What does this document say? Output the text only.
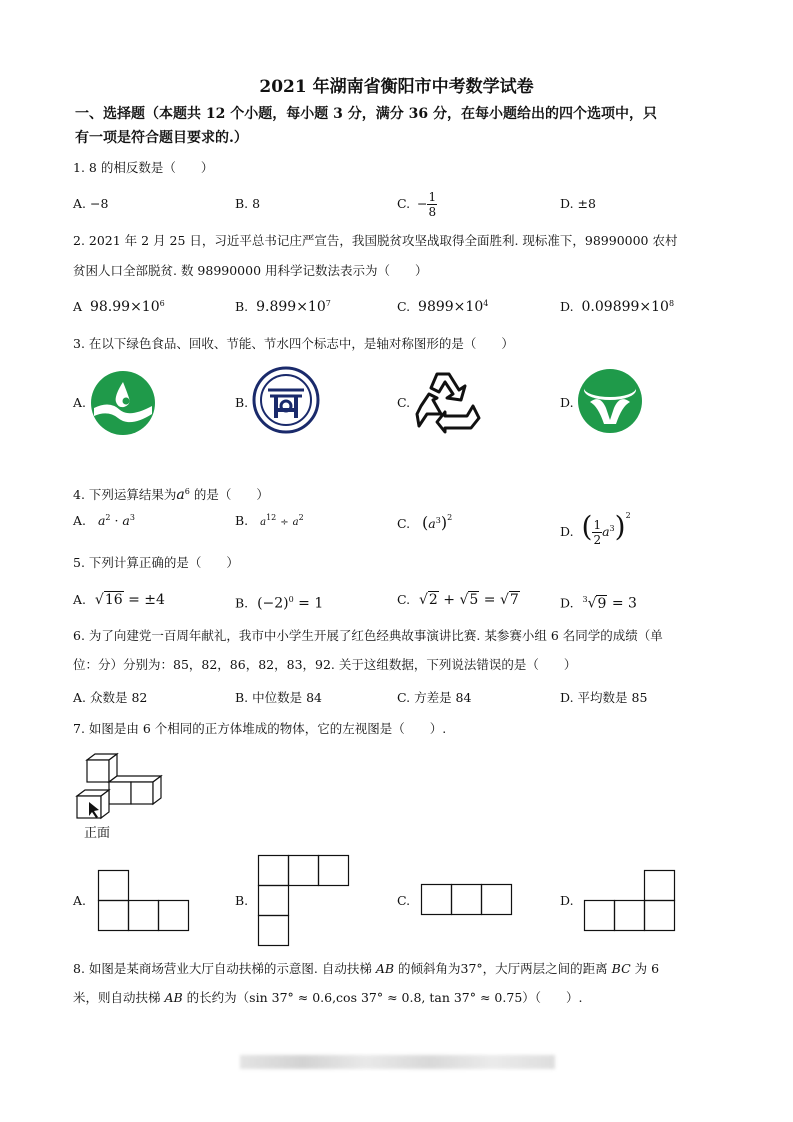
2021 年湖南省衡阳市中考数学试卷
一、选择题（本题共 12 个小题，每小题 3 分，满分 36 分，在每小题给出的四个选项中，只
有一项是符合题目要求的.）
1. 8 的相反数是（　　）
A. −8	B. 8	C. − $\frac{1}{8}$	D. ±8
2. 2021 年 2 月 25 日，习近平总书记庄严宣告，我国脱贫攻坚战取得全面胜利. 现标准下，98990000 农村
贫困人口全部脱贫. 数 98990000 用科学记数法表示为（　　）
A $98.99\times 10^6$	B. $9.899\times 10^7$	C. $9899\times 10^4$	D. $0.09899\times 10^8$
3. 在以下绿色食品、回收、节能、节水四个标志中，是轴对称图形的是（　　）
A.	B.	C.	D.
4. 下列运算结果为$a^6$ 的是（　　）
A. $a^2 \cdot a^3$	B. $a^{12} \div a^2$	C. $(a^3)^2$
D. ( $\frac{1}{2} a^3)^2$
5. 下列计算正确的是（　　）
A.  √16 = ±4	B.  $(-2)^0 = 1$	C.  √2 + √5 = √7	D. $^3$√9 = 3
6. 为了向建党一百周年献礼，我市中小学生开展了红色经典故事演讲比赛. 某参赛小组 6 名同学的成绩（单
位：分）分别为：85，82，86，82，83，92. 关于这组数据，下列说法错误的是（　　）
A. 众数是 82	B. 中位数是 84	C. 方差是 84	D. 平均数是 85
7. 如图是由 6 个相同的正方体堆成的物体，它的左视图是（　　）.
正面
A.	B.	C.	D.
8. 如图是某商场营业大厅自动扶梯的示意图. 自动扶梯 AB 的倾斜角为37°，大厅两层之间的距离 BC 为 6
米，则自动扶梯 AB 的长约为（sin 37° ≈ 0.6,cos 37° ≈ 0.8, tan 37° ≈ 0.75）（　　）.
